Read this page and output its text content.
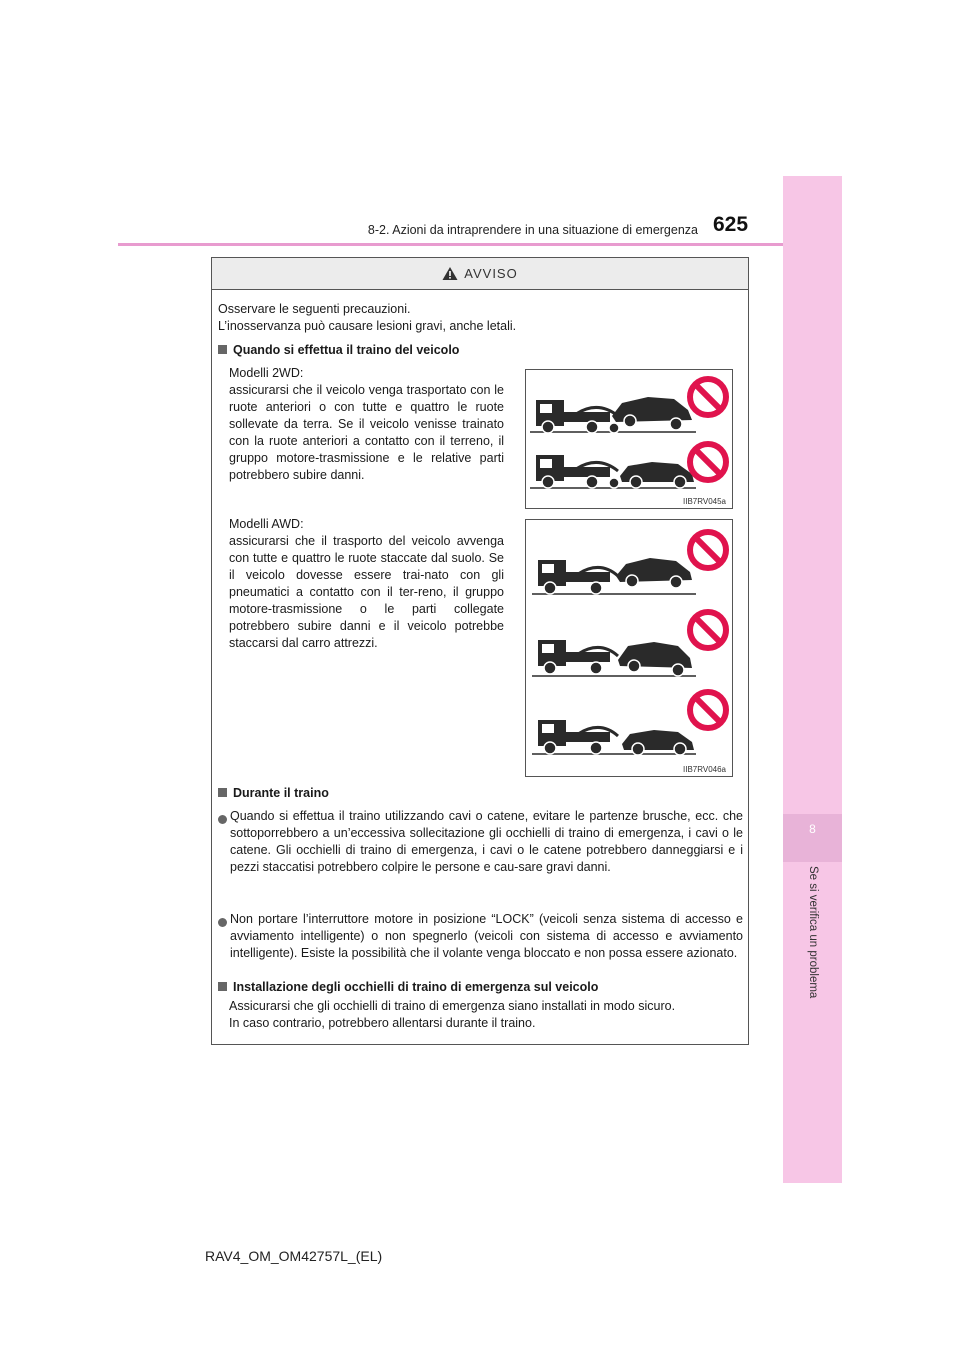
8
Se si verifica un problema
8-2. Azioni da intraprendere in una situazione di emergenza 625
AVVISO
Osservare le seguenti precauzioni.
L’inosservanza può causare lesioni gravi, anche letali.
Quando si effettua il traino del veicolo
Modelli 2WD:
assicurarsi che il veicolo venga trasportato con le ruote anteriori o con tutte e quattro le ruote sollevate da terra. Se il veicolo venisse trainato con la ruote anteriori a contatto con il terreno, il gruppo motore-trasmissione e le relative parti potrebbero subire danni.
IIB7RV045a
Modelli AWD:
assicurarsi che il trasporto del veicolo avvenga con tutte e quattro le ruote staccate dal suolo. Se il veicolo dovesse essere trai-nato con gli pneumatici a contatto con il ter-reno, il gruppo motore-trasmissione o le parti collegate potrebbero subire danni e il veicolo potrebbe staccarsi dal carro attrezzi.
IIB7RV046a
Durante il traino
Quando si effettua il traino utilizzando cavi o catene, evitare le partenze brusche, ecc. che sottoporrebbero a un’eccessiva sollecitazione gli occhielli di traino di emergenza, i cavi o le catene. Gli occhielli di traino di emergenza, i cavi o le catene potrebbero danneggiarsi e i pezzi staccatisi potrebbero colpire le persone e cau-sare gravi danni.
Non portare l’interruttore motore in posizione “LOCK” (veicoli senza sistema di accesso e avviamento intelligente) o non spegnerlo (veicoli con sistema di accesso e avviamento intelligente). Esiste la possibilità che il volante venga bloccato e non possa essere azionato.
Installazione degli occhielli di traino di emergenza sul veicolo
Assicurarsi che gli occhielli di traino di emergenza siano installati in modo sicuro.
In caso contrario, potrebbero allentarsi durante il traino.
RAV4_OM_OM42757L_(EL)
